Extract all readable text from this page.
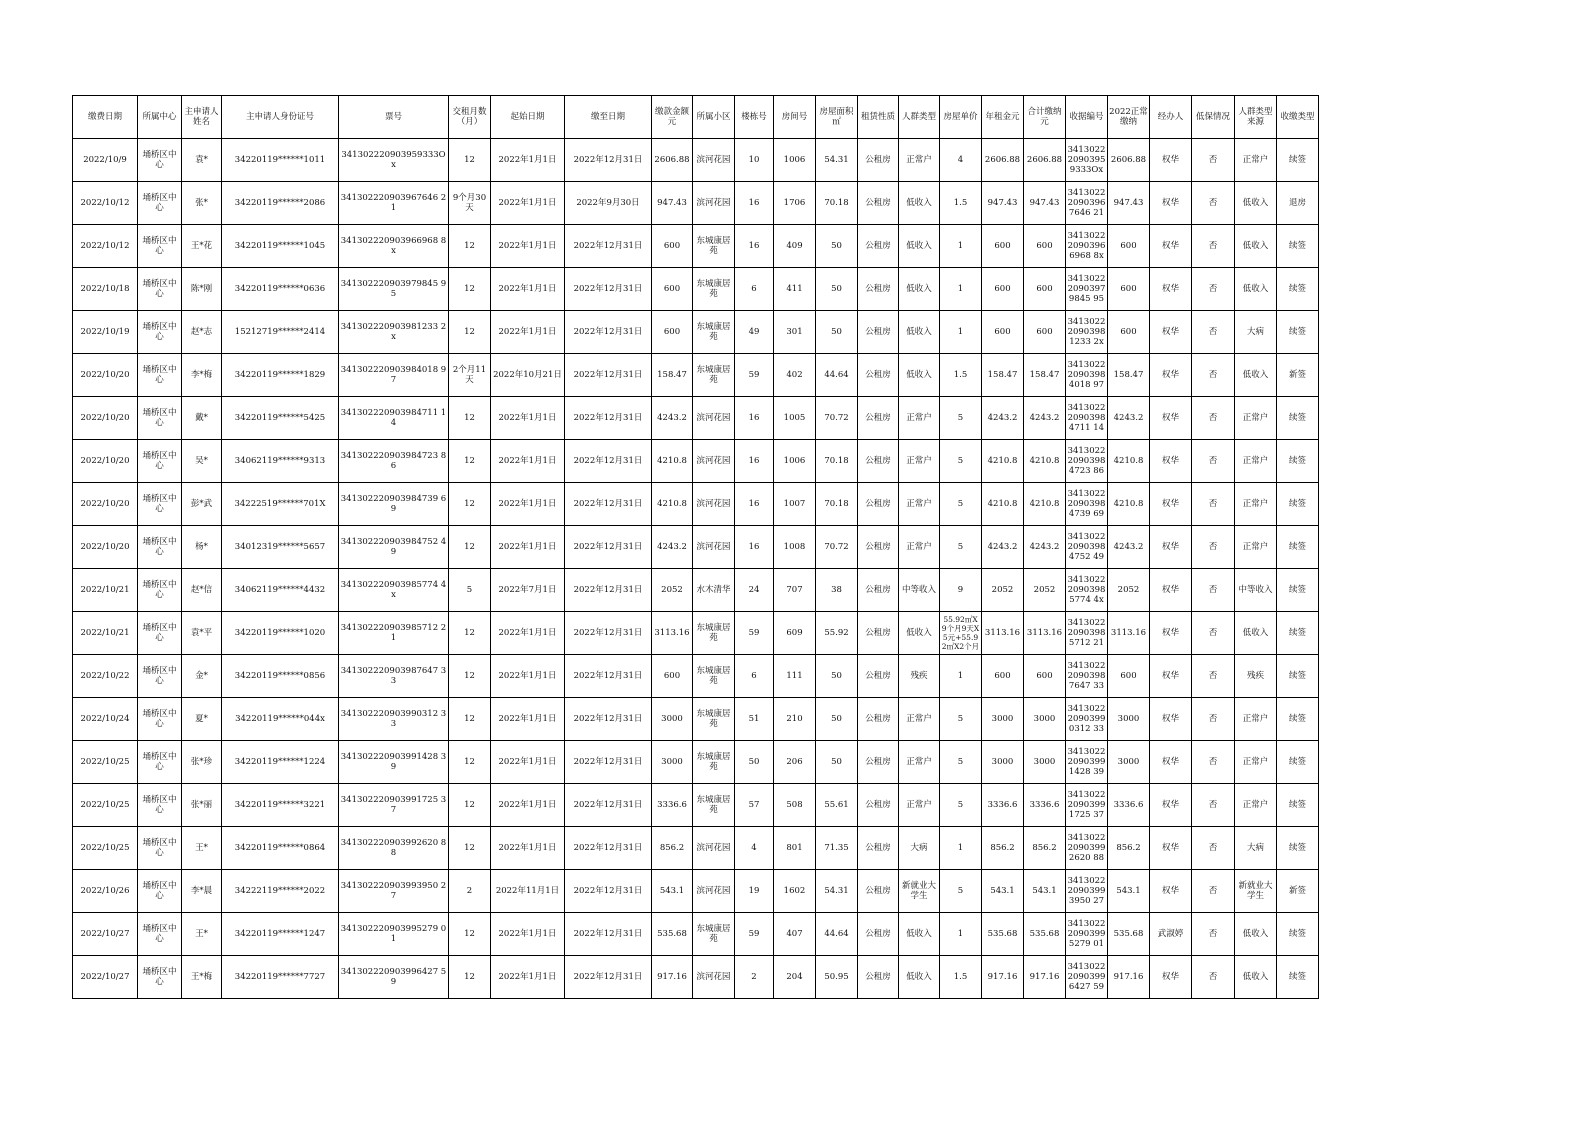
缴费日期	所属中心	主申请人姓名	主申请人身份证号	票号	交租月数（月）	起始日期	缴至日期	缴款金额元	所属小区	楼栋号	房间号	房屋面积㎡	租赁性质	人群类型	房屋单价	年租金元	合计缴纳元	收据编号	2022正常缴纳	经办人	低保情况	人群类型来源	收缴类型
2022/10/9	埇桥区中心	袁*	34220119******1011	341302220903959333Ox	12	2022年1月1日	2022年12月31日	2606.88	滨河花园	10	1006	54.31	公租房	正常户	4	2606.88	2606.88	341302220903959333Ox	2606.88	权华	否	正常户	续签
2022/10/12	埇桥区中心	张*	34220119******2086	341302220903967646 21	9个月30天	2022年1月1日	2022年9月30日	947.43	滨河花园	16	1706	70.18	公租房	低收入	1.5	947.43	947.43	341302220903967646 21	947.43	权华	否	低收入	退房
2022/10/12	埇桥区中心	王*花	34220119******1045	341302220903966968 8x	12	2022年1月1日	2022年12月31日	600	东城康居苑	16	409	50	公租房	低收入	1	600	600	341302220903966968 8x	600	权华	否	低收入	续签
2022/10/18	埇桥区中心	陈*刚	34220119******0636	341302220903979845 95	12	2022年1月1日	2022年12月31日	600	东城康居苑	6	411	50	公租房	低收入	1	600	600	341302220903979845 95	600	权华	否	低收入	续签
2022/10/19	埇桥区中心	赵*志	15212719******2414	341302220903981233 2x	12	2022年1月1日	2022年12月31日	600	东城康居苑	49	301	50	公租房	低收入	1	600	600	341302220903981233 2x	600	权华	否	大病	续签
2022/10/20	埇桥区中心	李*梅	34220119******1829	341302220903984018 97	2个月11天	2022年10月21日	2022年12月31日	158.47	东城康居苑	59	402	44.64	公租房	低收入	1.5	158.47	158.47	341302220903984018 97	158.47	权华	否	低收入	新签
2022/10/20	埇桥区中心	戴*	34220119******5425	341302220903984711 14	12	2022年1月1日	2022年12月31日	4243.2	滨河花园	16	1005	70.72	公租房	正常户	5	4243.2	4243.2	341302220903984711 14	4243.2	权华	否	正常户	续签
2022/10/20	埇桥区中心	吴*	34062119******9313	341302220903984723 86	12	2022年1月1日	2022年12月31日	4210.8	滨河花园	16	1006	70.18	公租房	正常户	5	4210.8	4210.8	341302220903984723 86	4210.8	权华	否	正常户	续签
2022/10/20	埇桥区中心	彭*武	34222519******701X	341302220903984739 69	12	2022年1月1日	2022年12月31日	4210.8	滨河花园	16	1007	70.18	公租房	正常户	5	4210.8	4210.8	341302220903984739 69	4210.8	权华	否	正常户	续签
2022/10/20	埇桥区中心	杨*	34012319******5657	341302220903984752 49	12	2022年1月1日	2022年12月31日	4243.2	滨河花园	16	1008	70.72	公租房	正常户	5	4243.2	4243.2	341302220903984752 49	4243.2	权华	否	正常户	续签
2022/10/21	埇桥区中心	赵*信	34062119******4432	341302220903985774 4x	5	2022年7月1日	2022年12月31日	2052	水木清华	24	707	38	公租房	中等收入	9	2052	2052	341302220903985774 4x	2052	权华	否	中等收入	续签
2022/10/21	埇桥区中心	袁*平	34220119******1020	341302220903985712 21	12	2022年1月1日	2022年12月31日	3113.16	东城康居苑	59	609	55.92	公租房	低收入	55.92㎡X9个月9天X5元+55.92㎡X2个月	3113.16	3113.16	341302220903985712 21	3113.16	权华	否	低收入	续签
2022/10/22	埇桥区中心	金*	34220119******0856	341302220903987647 33	12	2022年1月1日	2022年12月31日	600	东城康居苑	6	111	50	公租房	残疾	1	600	600	341302220903987647 33	600	权华	否	残疾	续签
2022/10/24	埇桥区中心	夏*	34220119******044x	341302220903990312 33	12	2022年1月1日	2022年12月31日	3000	东城康居苑	51	210	50	公租房	正常户	5	3000	3000	341302220903990312 33	3000	权华	否	正常户	续签
2022/10/25	埇桥区中心	张*珍	34220119******1224	341302220903991428 39	12	2022年1月1日	2022年12月31日	3000	东城康居苑	50	206	50	公租房	正常户	5	3000	3000	341302220903991428 39	3000	权华	否	正常户	续签
2022/10/25	埇桥区中心	张*丽	34220119******3221	341302220903991725 37	12	2022年1月1日	2022年12月31日	3336.6	东城康居苑	57	508	55.61	公租房	正常户	5	3336.6	3336.6	341302220903991725 37	3336.6	权华	否	正常户	续签
2022/10/25	埇桥区中心	王*	34220119******0864	341302220903992620 88	12	2022年1月1日	2022年12月31日	856.2	滨河花园	4	801	71.35	公租房	大病	1	856.2	856.2	341302220903992620 88	856.2	权华	否	大病	续签
2022/10/26	埇桥区中心	李*晨	34222119******2022	341302220903993950 27	2	2022年11月1日	2022年12月31日	543.1	滨河花园	19	1602	54.31	公租房	新就业大学生	5	543.1	543.1	341302220903993950 27	543.1	权华	否	新就业大学生	新签
2022/10/27	埇桥区中心	王*	34220119******1247	341302220903995279 01	12	2022年1月1日	2022年12月31日	535.68	东城康居苑	59	407	44.64	公租房	低收入	1	535.68	535.68	341302220903995279 01	535.68	武淑婷	否	低收入	续签
2022/10/27	埇桥区中心	王*梅	34220119******7727	341302220903996427 59	12	2022年1月1日	2022年12月31日	917.16	滨河花园	2	204	50.95	公租房	低收入	1.5	917.16	917.16	341302220903996427 59	917.16	权华	否	低收入	续签
